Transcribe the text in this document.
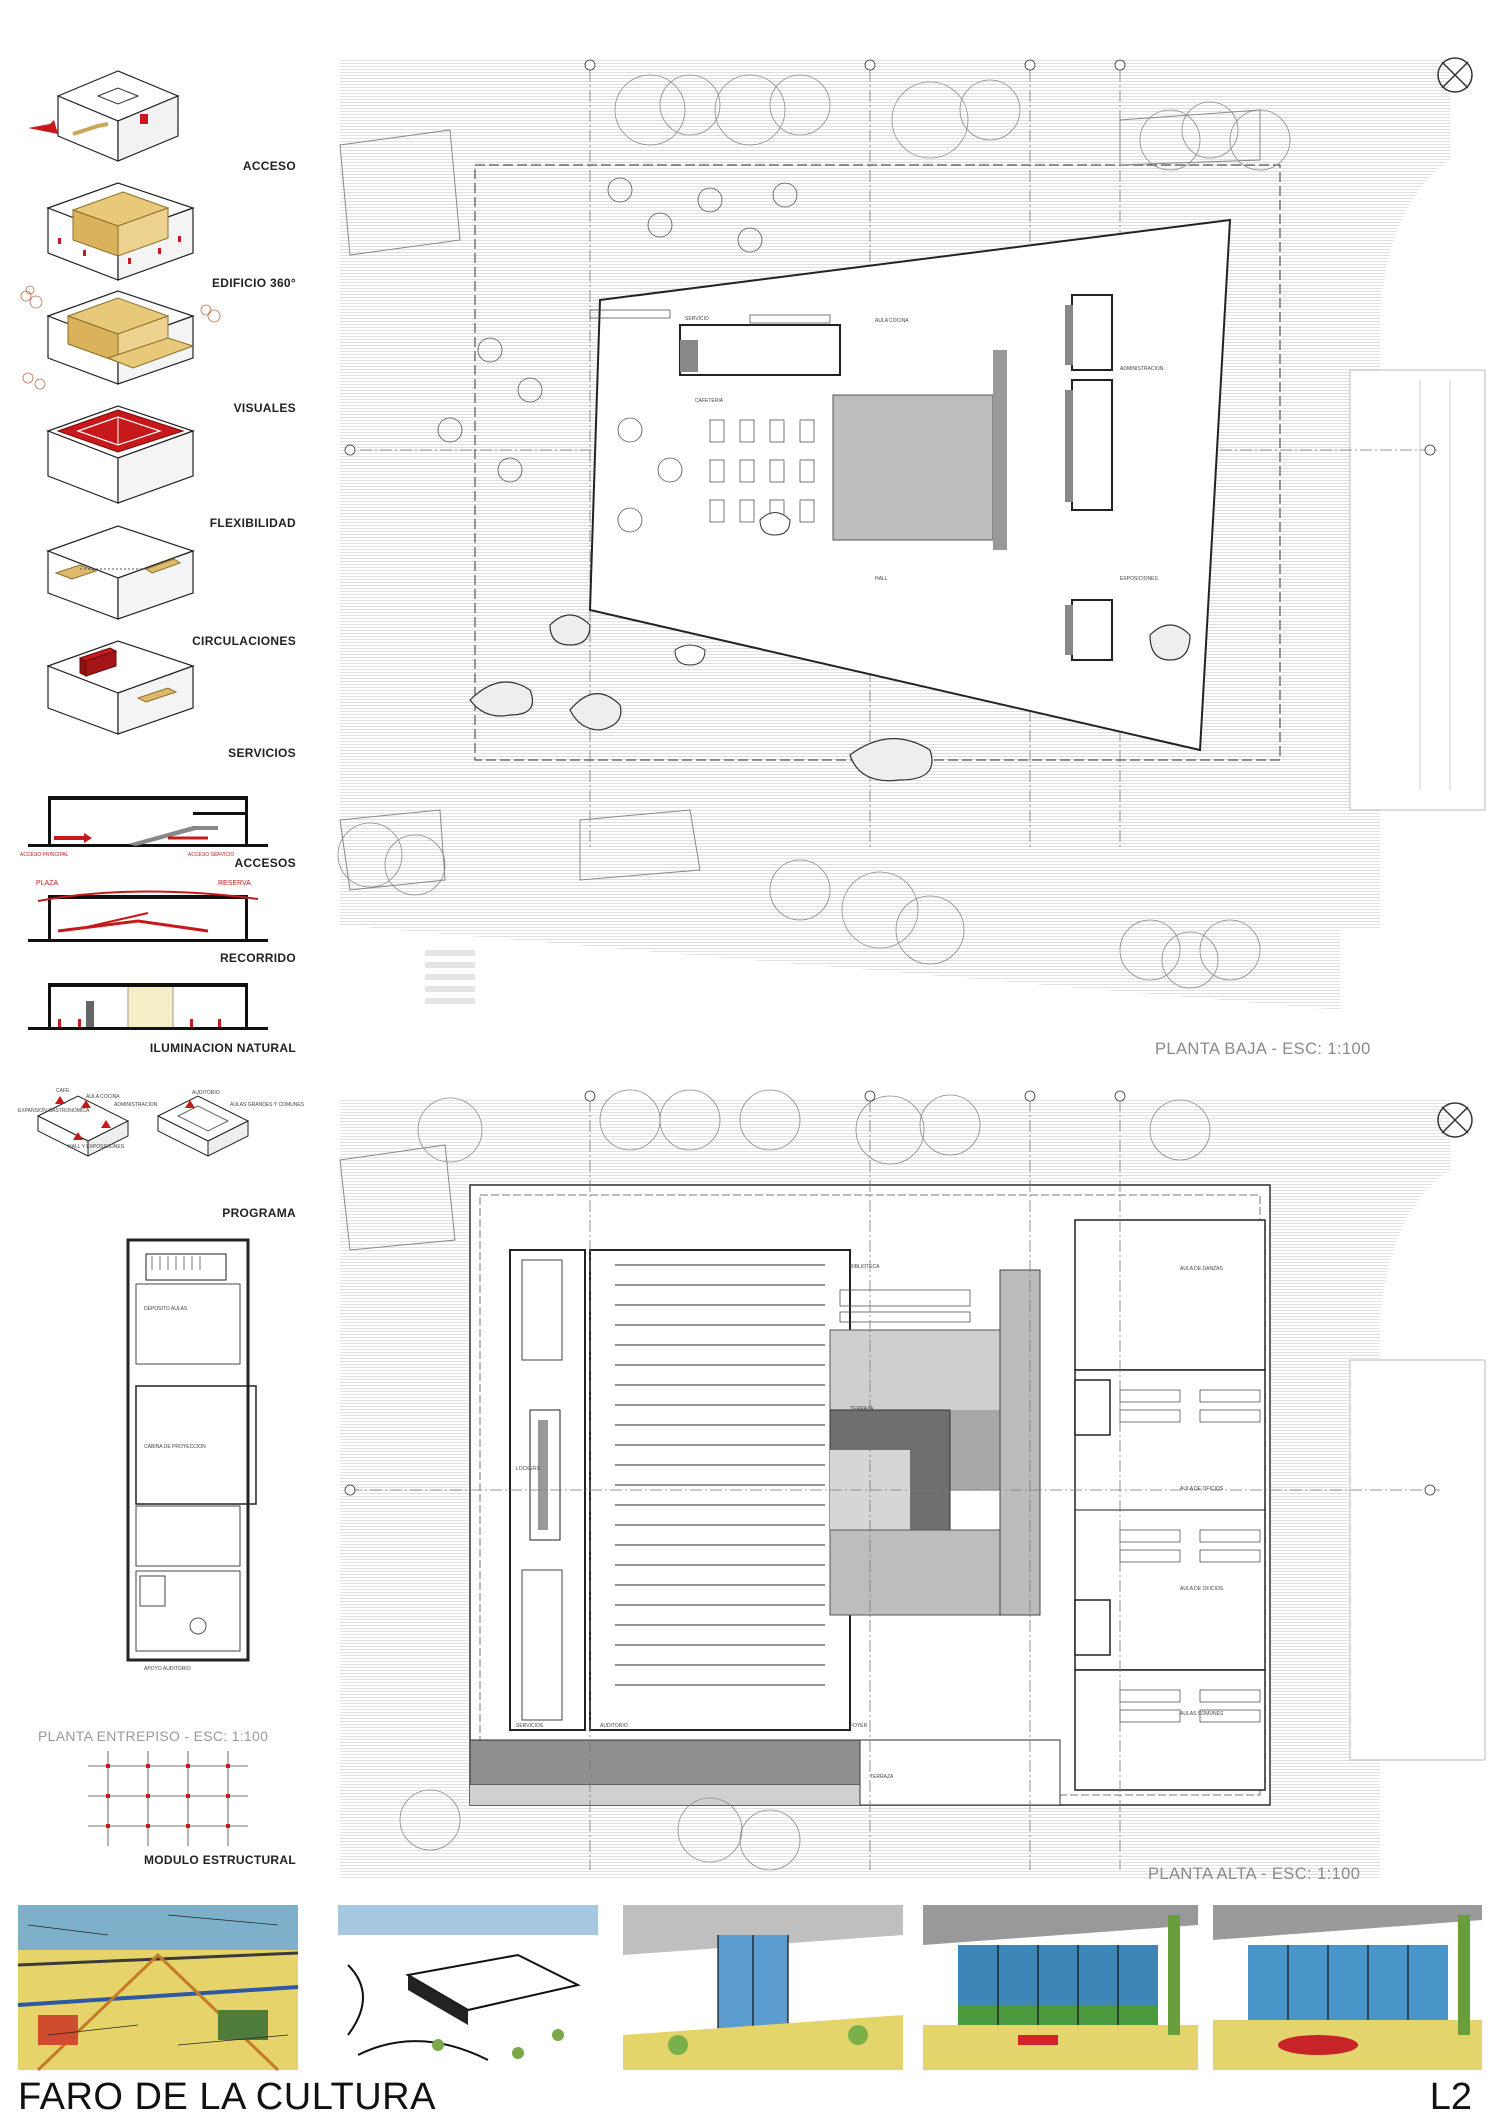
ACCESO
EDIFICIO 360°
VISUALES
FLEXIBILIDAD
CIRCULACIONES
SERVICIOS
ACCESO PRINCIPAL	ACCESO SERVICIO
ACCESOS
PLAZA	RESERVA
RECORRIDO
ILUMINACION NATURAL
CAFE
AULA COCINA
ADMINISTRACION
EXPANSION GASTRONOMICA
HALL Y EXPOSICIONES
AUDITORIO
AULAS GRANDES Y COMUNES
PROGRAMA
DEPOSITO AULAS
CABINA DE PROYECCION
APOYO AUDITORIO
PLANTA ENTREPISO - ESC: 1:100
MODULO ESTRUCTURAL
SERVICIO	AULA COCINA
CAFETERIA
HALL
ADMINISTRACION
EXPOSICIONES
PLANTA BAJA - ESC: 1:100
BIBLIOTECA
TERRAZA
AUDITORIO	FOYER
SERVICIOS
AULA DE DANZAS
AULA DE OFICIOS
AULA DE OFICIOS
AULAS COMUNES
LOCKERS
TERRAZA
PLANTA ALTA - ESC: 1:100
FARO DE LA CULTURA	L2
